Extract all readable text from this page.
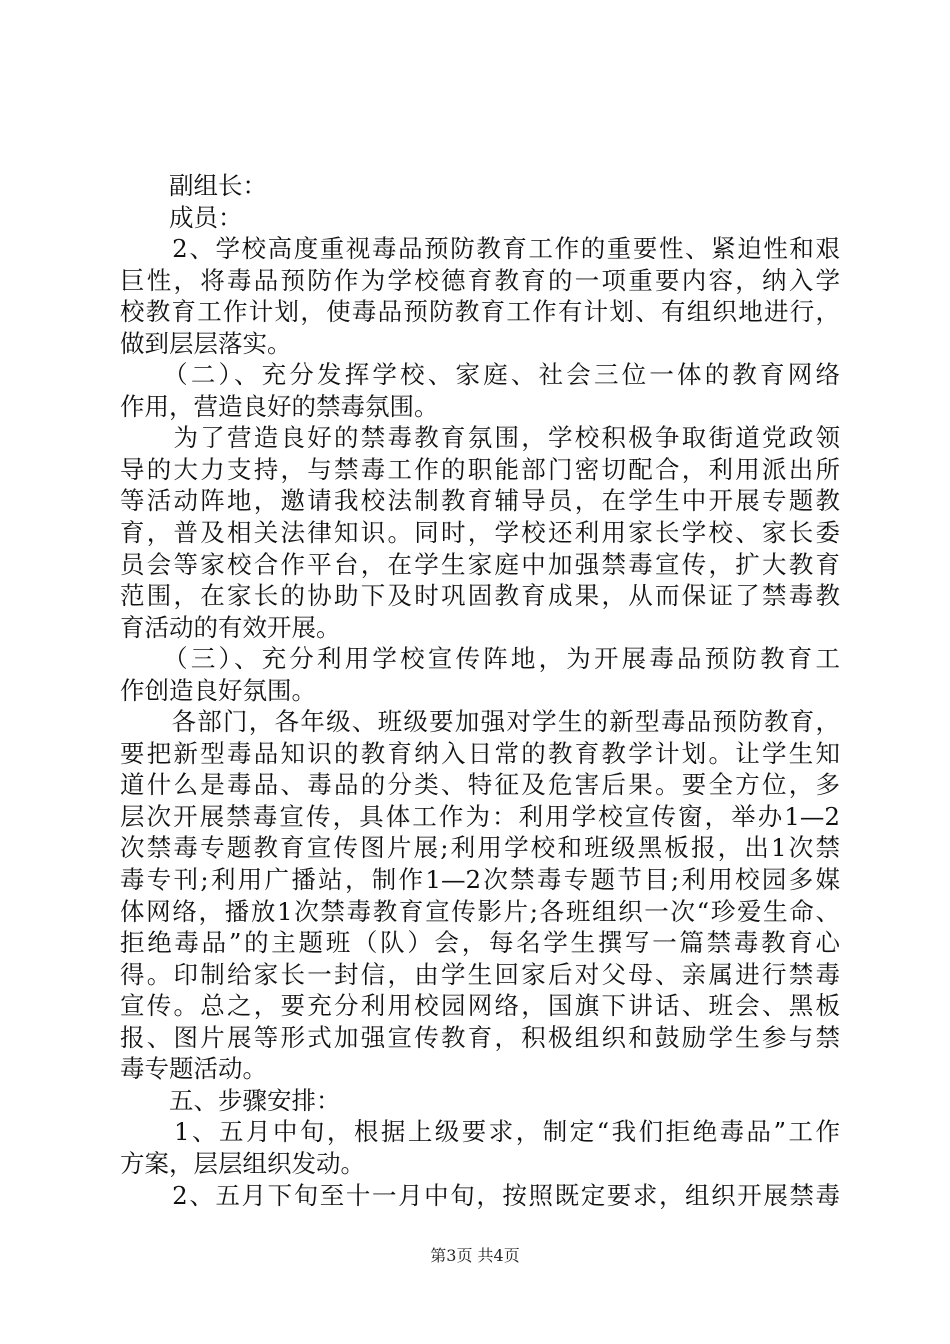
　　副组长：
　　成员：
　　2、学校高度重视毒品预防教育工作的重要性、紧迫性和艰
巨性，将毒品预防作为学校德育教育的一项重要内容，纳入学
校教育工作计划，使毒品预防教育工作有计划、有组织地进行，
做到层层落实。
　　（二）、充分发挥学校、家庭、社会三位一体的教育网络
作用，营造良好的禁毒氛围。
　　为了营造良好的禁毒教育氛围，学校积极争取街道党政领
导的大力支持，与禁毒工作的职能部门密切配合，利用派出所
等活动阵地，邀请我校法制教育辅导员，在学生中开展专题教
育，普及相关法律知识。同时，学校还利用家长学校、家长委
员会等家校合作平台，在学生家庭中加强禁毒宣传，扩大教育
范围，在家长的协助下及时巩固教育成果，从而保证了禁毒教
育活动的有效开展。
　　（三）、充分利用学校宣传阵地，为开展毒品预防教育工
作创造良好氛围。
　　各部门，各年级、班级要加强对学生的新型毒品预防教育，
要把新型毒品知识的教育纳入日常的教育教学计划。让学生知
道什么是毒品、毒品的分类、特征及危害后果。要全方位，多
层次开展禁毒宣传，具体工作为：利用学校宣传窗，举办1—2
次禁毒专题教育宣传图片展;利用学校和班级黑板报，出1次禁
毒专刊;利用广播站，制作1—2次禁毒专题节目;利用校园多媒
体网络，播放1次禁毒教育宣传影片;各班组织一次“珍爱生命、
拒绝毒品”的主题班（队）会，每名学生撰写一篇禁毒教育心
得。印制给家长一封信，由学生回家后对父母、亲属进行禁毒
宣传。总之，要充分利用校园网络，国旗下讲话、班会、黑板
报、图片展等形式加强宣传教育，积极组织和鼓励学生参与禁
毒专题活动。
　　五、步骤安排：
　　1、五月中旬，根据上级要求，制定“我们拒绝毒品”工作
方案，层层组织发动。
　　2、五月下旬至十一月中旬，按照既定要求，组织开展禁毒
第3页 共4页
